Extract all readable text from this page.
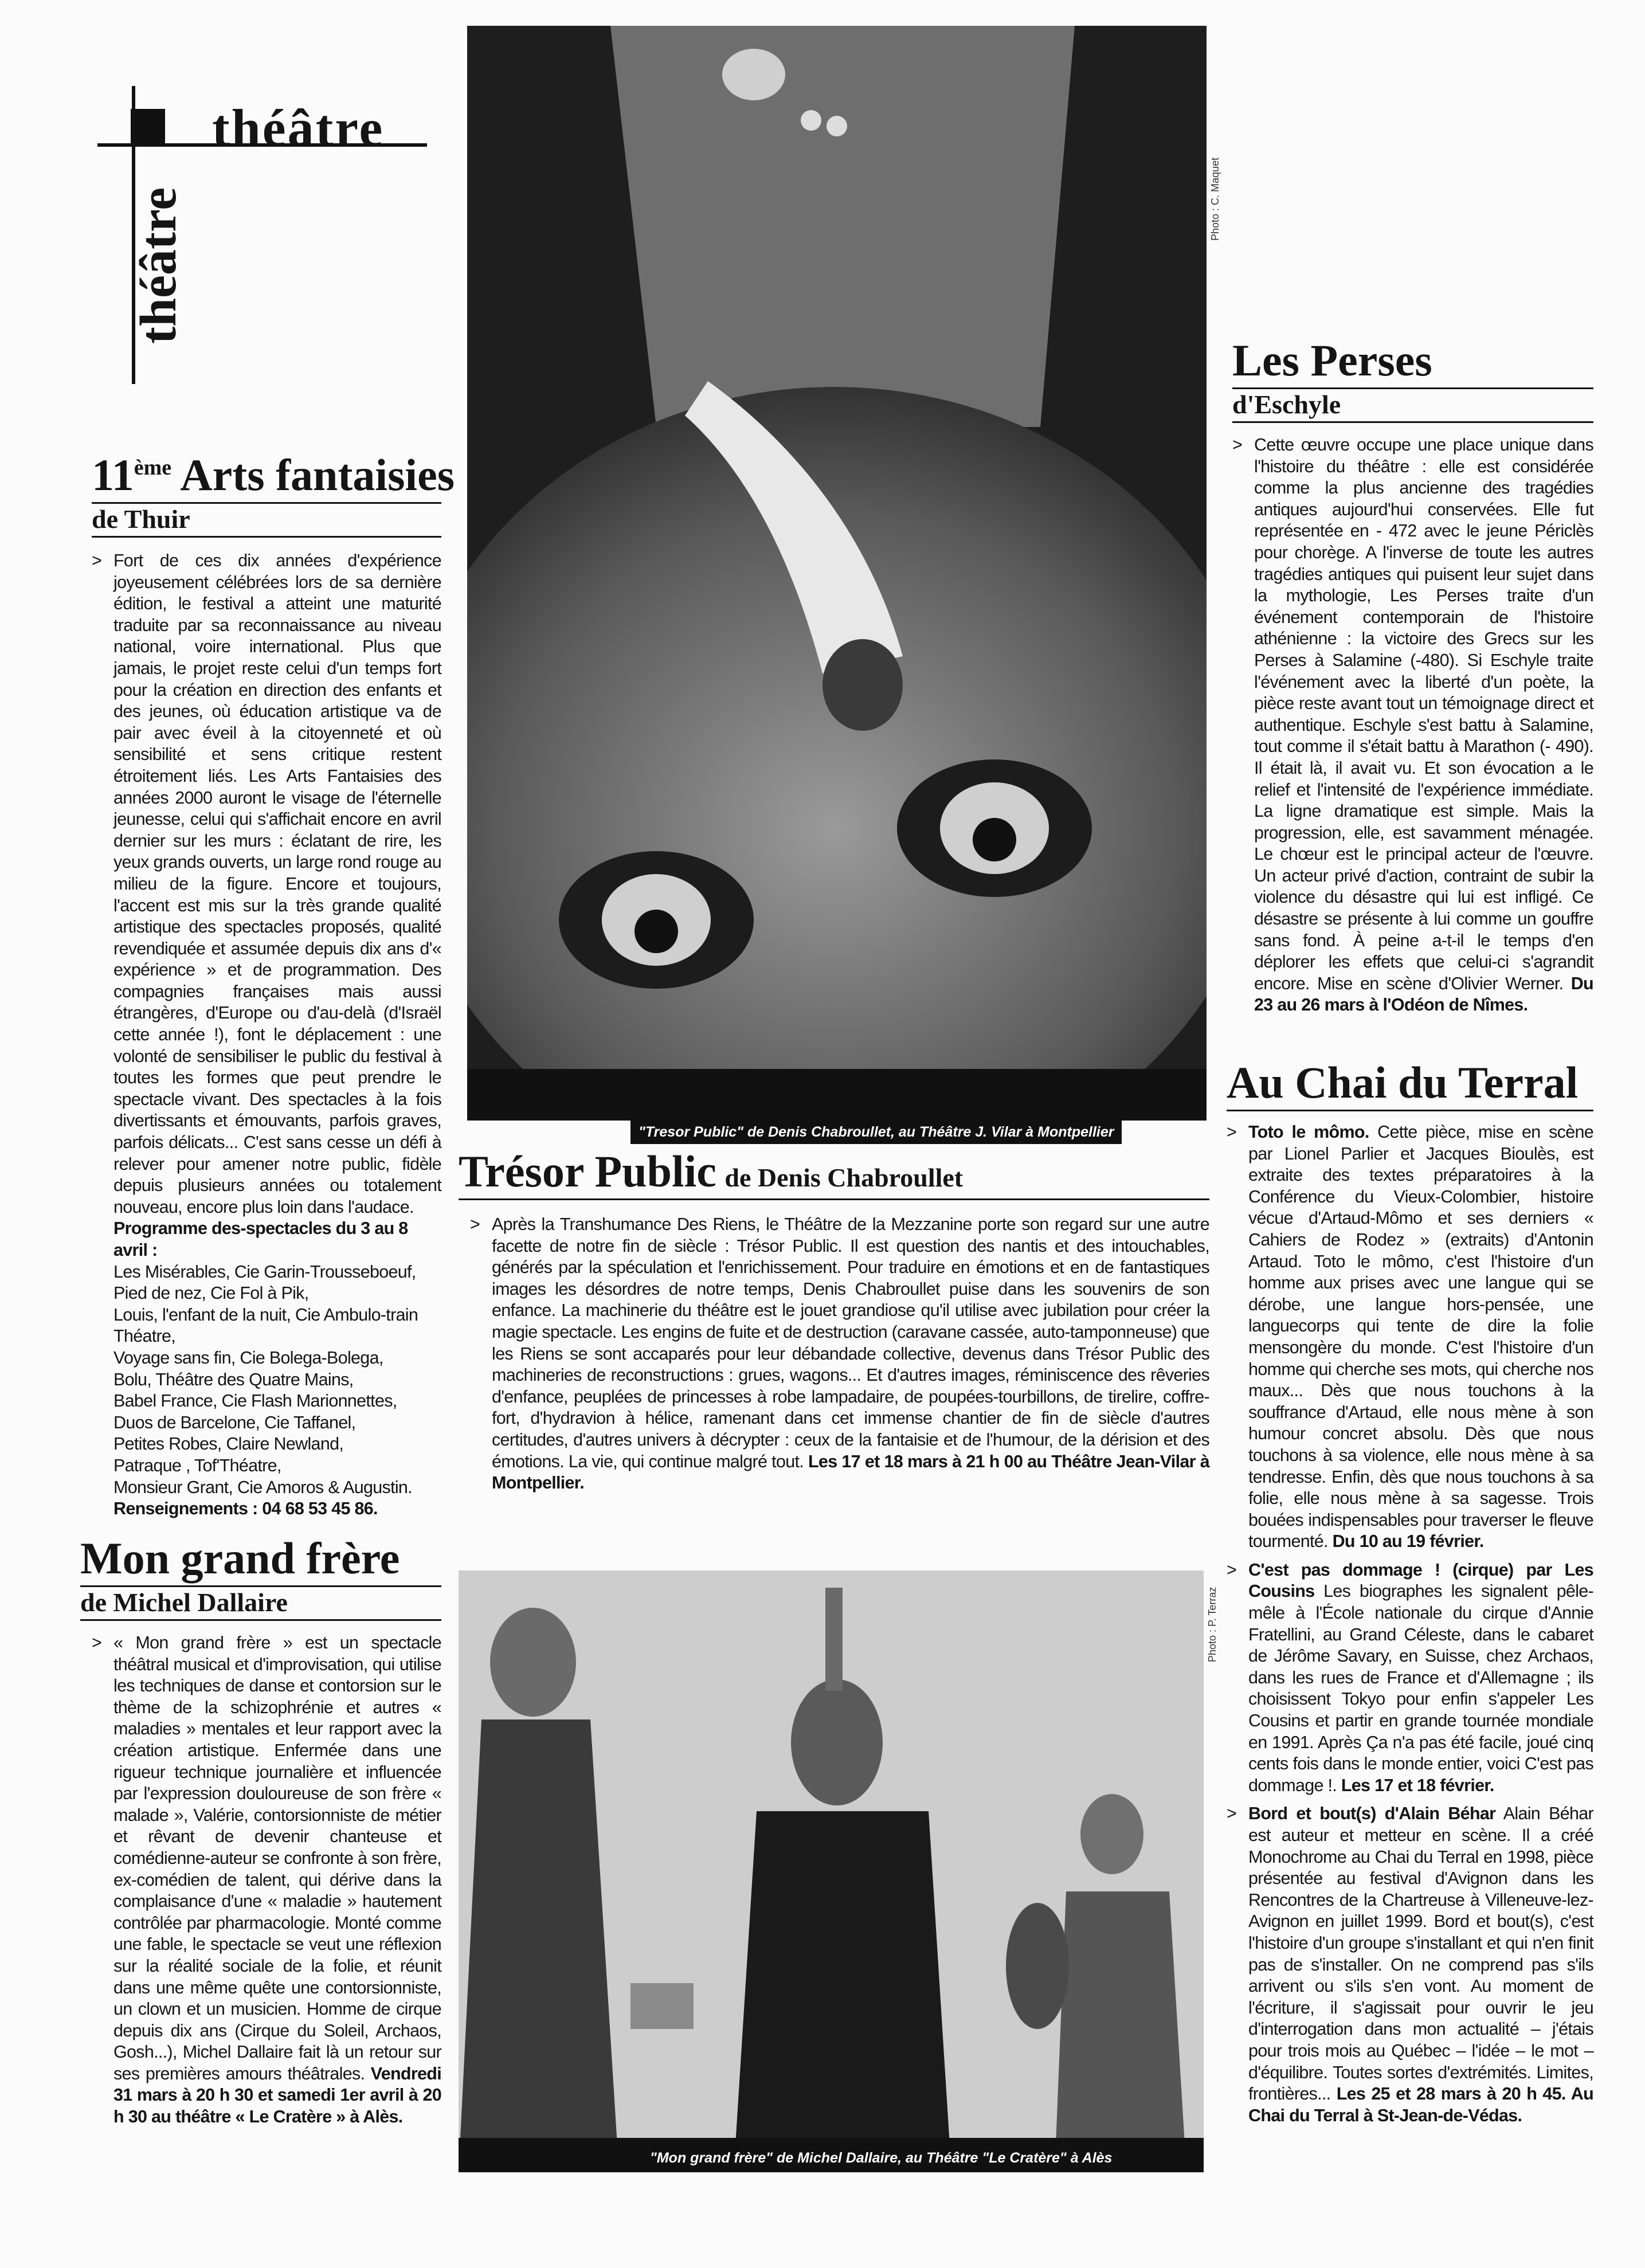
théâtre
théâtre
11ème Arts fantaisies
de Thuir
> Fort de ces dix années d'expérience joyeusement célébrées lors de sa dernière édition, le festival a atteint une maturité traduite par sa reconnaissance au niveau national, voire international. Plus que jamais, le projet reste celui d'un temps fort pour la création en direction des enfants et des jeunes, où éducation artistique va de pair avec éveil à la citoyenneté et où sensibilité et sens critique restent étroitement liés. Les Arts Fantaisies des années 2000 auront le visage de l'éternelle jeunesse, celui qui s'affichait encore en avril dernier sur les murs : éclatant de rire, les yeux grands ouverts, un large rond rouge au milieu de la figure. Encore et toujours, l'accent est mis sur la très grande qualité artistique des spectacles proposés, qualité revendiquée et assumée depuis dix ans d'« expérience » et de programmation. Des compagnies françaises mais aussi étrangères, d'Europe ou d'au-delà (d'Israël cette année !), font le déplacement : une volonté de sensibiliser le public du festival à toutes les formes que peut prendre le spectacle vivant. Des spectacles à la fois divertissants et émouvants, parfois graves, parfois délicats... C'est sans cesse un défi à relever pour amener notre public, fidèle depuis plusieurs années ou totalement nouveau, encore plus loin dans l'audace.
Programme des-spectacles du 3 au 8 avril :
Les Misérables, Cie Garin-Trousseboeuf,
Pied de nez, Cie Fol à Pik,
Louis, l'enfant de la nuit, Cie Ambulo-train Théatre,
Voyage sans fin, Cie Bolega-Bolega,
Bolu, Théâtre des Quatre Mains,
Babel France, Cie Flash Marionnettes,
Duos de Barcelone, Cie Taffanel,
Petites Robes, Claire Newland,
Patraque , Tof'Théatre,
Monsieur Grant, Cie Amoros & Augustin.
Renseignements : 04 68 53 45 86.
Mon grand frère
de Michel Dallaire
> « Mon grand frère » est un spectacle théâtral musical et d'improvisation, qui utilise les techniques de danse et contorsion sur le thème de la schizophrénie et autres « maladies » mentales et leur rapport avec la création artistique. Enfermée dans une rigueur technique journalière et influencée par l'expression douloureuse de son frère « malade », Valérie, contorsionniste de métier et rêvant de devenir chanteuse et comédienne-auteur se confronte à son frère, ex-comédien de talent, qui dérive dans la complaisance d'une « maladie » hautement contrôlée par pharmacologie. Monté comme une fable, le spectacle se veut une réflexion sur la réalité sociale de la folie, et réunit dans une même quête une contorsionniste, un clown et un musicien. Homme de cirque depuis dix ans (Cirque du Soleil, Archaos, Gosh...), Michel Dallaire fait là un retour sur ses premières amours théâtrales. Vendredi 31 mars à 20 h 30 et samedi 1er avril à 20 h 30 au théâtre « Le Cratère » à Alès.
Photo : C. Maquet
"Tresor Public" de Denis Chabroullet, au Théâtre J. Vilar à Montpellier
Trésor Public de Denis Chabroullet
> Après la Transhumance Des Riens, le Théâtre de la Mezzanine porte son regard sur une autre facette de notre fin de siècle : Trésor Public. Il est question des nantis et des intouchables, générés par la spéculation et l'enrichissement. Pour traduire en émotions et en de fantastiques images les désordres de notre temps, Denis Chabroullet puise dans les souvenirs de son enfance. La machinerie du théâtre est le jouet grandiose qu'il utilise avec jubilation pour créer la magie spectacle. Les engins de fuite et de destruction (caravane cassée, auto-tamponneuse) que les Riens se sont accaparés pour leur débandade collective, devenus dans Trésor Public des machineries de reconstructions : grues, wagons... Et d'autres images, réminiscence des rêveries d'enfance, peuplées de princesses à robe lampadaire, de poupées-tourbillons, de tirelire, coffre-fort, d'hydravion à hélice, ramenant dans cet immense chantier de fin de siècle d'autres certitudes, d'autres univers à décrypter : ceux de la fantaisie et de l'humour, de la dérision et des émotions. La vie, qui continue malgré tout. Les 17 et 18 mars à 21 h 00 au Théâtre Jean-Vilar à Montpellier.
Photo : P. Terraz
"Mon grand frère" de Michel Dallaire, au Théâtre "Le Cratère" à Alès
Les Perses
d'Eschyle
> Cette œuvre occupe une place unique dans l'histoire du théâtre : elle est considérée comme la plus ancienne des tragédies antiques aujourd'hui conservées. Elle fut représentée en - 472 avec le jeune Périclès pour chorège. A l'inverse de toute les autres tragédies antiques qui puisent leur sujet dans la mythologie, Les Perses traite d'un événement contemporain de l'histoire athénienne : la victoire des Grecs sur les Perses à Salamine (-480). Si Eschyle traite l'événement avec la liberté d'un poète, la pièce reste avant tout un témoignage direct et authentique. Eschyle s'est battu à Salamine, tout comme il s'était battu à Marathon (- 490). Il était là, il avait vu. Et son évocation a le relief et l'intensité de l'expérience immédiate. La ligne dramatique est simple. Mais la progression, elle, est savamment ménagée. Le chœur est le principal acteur de l'œuvre. Un acteur privé d'action, contraint de subir la violence du désastre qui lui est infligé. Ce désastre se présente à lui comme un gouffre sans fond. À peine a-t-il le temps d'en déplorer les effets que celui-ci s'agrandit encore. Mise en scène d'Olivier Werner. Du 23 au 26 mars à l'Odéon de Nîmes.
Au Chai du Terral
> Toto le mômo. Cette pièce, mise en scène par Lionel Parlier et Jacques Bioulès, est extraite des textes préparatoires à la Conférence du Vieux-Colombier, histoire vécue d'Artaud-Mômo et ses derniers « Cahiers de Rodez » (extraits) d'Antonin Artaud. Toto le mômo, c'est l'histoire d'un homme aux prises avec une langue qui se dérobe, une langue hors-pensée, une languecorps qui tente de dire la folie mensongère du monde. C'est l'histoire d'un homme qui cherche ses mots, qui cherche nos maux... Dès que nous touchons à la souffrance d'Artaud, elle nous mène à son humour concret absolu. Dès que nous touchons à sa violence, elle nous mène à sa tendresse. Enfin, dès que nous touchons à sa folie, elle nous mène à sa sagesse. Trois bouées indispensables pour traverser le fleuve tourmenté. Du 10 au 19 février.
> C'est pas dommage ! (cirque) par Les Cousins Les biographes les signalent pêle-mêle à l'École nationale du cirque d'Annie Fratellini, au Grand Céleste, dans le cabaret de Jérôme Savary, en Suisse, chez Archaos, dans les rues de France et d'Allemagne ; ils choisissent Tokyo pour enfin s'appeler Les Cousins et partir en grande tournée mondiale en 1991. Après Ça n'a pas été facile, joué cinq cents fois dans le monde entier, voici C'est pas dommage !. Les 17 et 18 février.
> Bord et bout(s) d'Alain Béhar Alain Béhar est auteur et metteur en scène. Il a créé Monochrome au Chai du Terral en 1998, pièce présentée au festival d'Avignon dans les Rencontres de la Chartreuse à Villeneuve-lez-Avignon en juillet 1999. Bord et bout(s), c'est l'histoire d'un groupe s'installant et qui n'en finit pas de s'installer. On ne comprend pas s'ils arrivent ou s'ils s'en vont. Au moment de l'écriture, il s'agissait pour ouvrir le jeu d'interrogation dans mon actualité – j'étais pour trois mois au Québec – l'idée – le mot – d'équilibre. Toutes sortes d'extrémités. Limites, frontières... Les 25 et 28 mars à 20 h 45. Au Chai du Terral à St-Jean-de-Védas.
